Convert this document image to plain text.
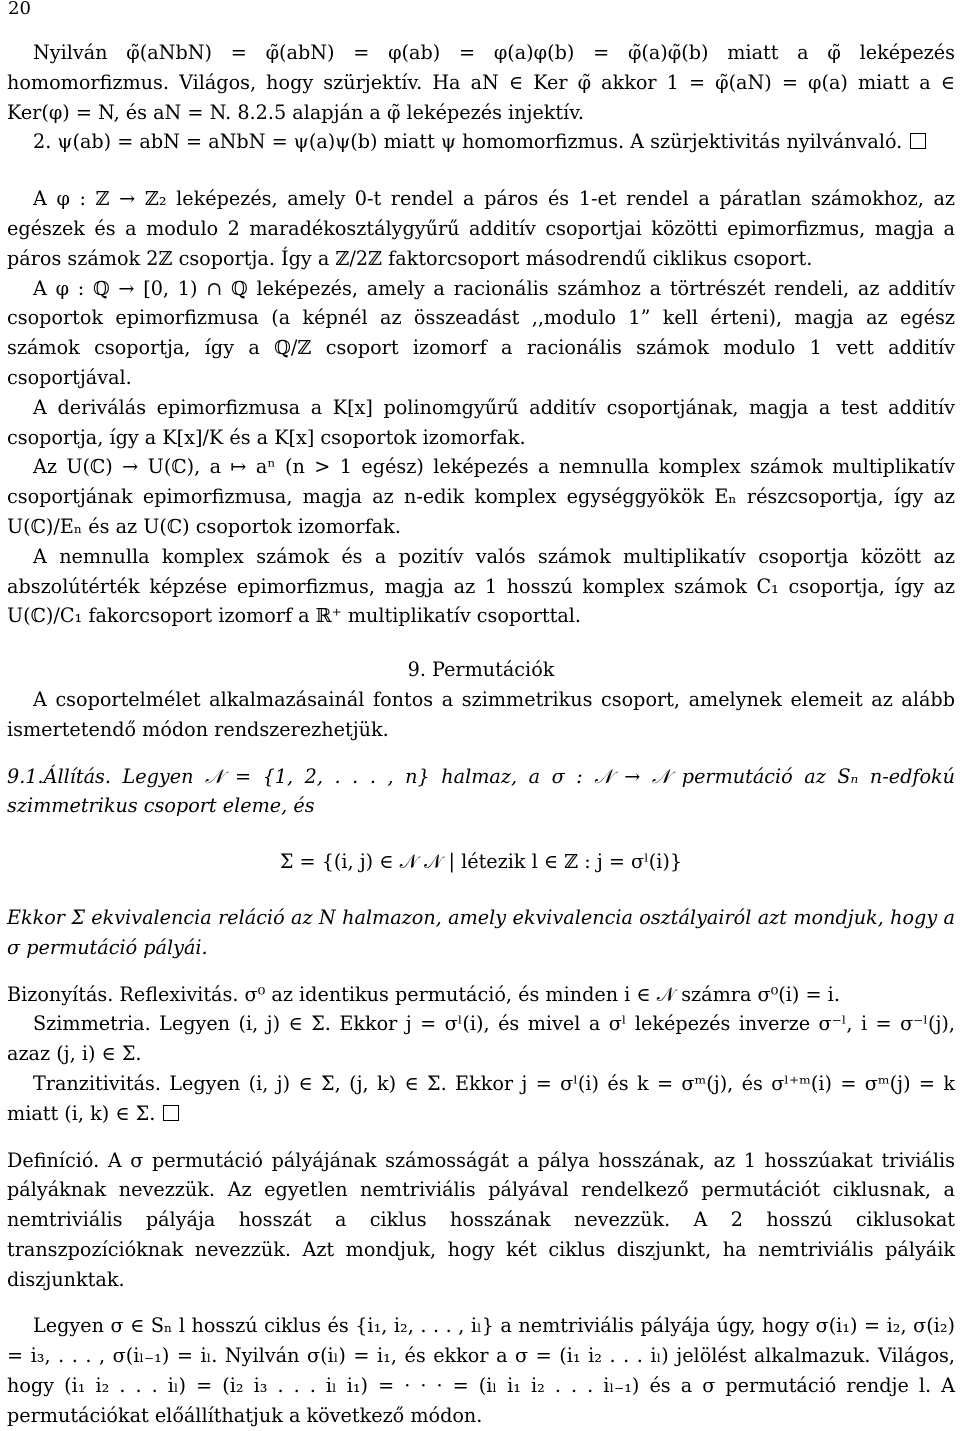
20

Nyilván φ̃(aNbN) = φ̃(abN) = φ(ab) = φ(a)φ(b) = φ̃(a)φ̃(b) miatt a φ̃ leképezés homomorfizmus. Világos, hogy szürjektív. Ha aN ∈ Ker φ̃ akkor 1 = φ̃(aN) = φ(a) miatt a ∈ Ker(φ) = N, és aN = N. 8.2.5 alapján a φ̃ leképezés injektív.

2. ψ(ab) = abN = aNbN = ψ(a)ψ(b) miatt ψ homomorfizmus. A szürjektivitás nyilvánvaló.

A φ : ℤ → ℤ₂ leképezés, amely 0-t rendel a páros és 1-et rendel a páratlan számokhoz, az egészek és a modulo 2 maradékosztálygyűrű additív csoportjai közötti epimorfizmus, magja a páros számok 2ℤ csoportja. Így a ℤ/2ℤ faktorcsoport másodrendű ciklikus csoport.

A φ : ℚ → [0, 1) ∩ ℚ leképezés, amely a racionális számhoz a törtrészét rendeli, az additív csoportok epimorfizmusa (a képnél az összeadást ,,modulo 1” kell érteni), magja az egész számok csoportja, így a ℚ/ℤ csoport izomorf a racionális számok modulo 1 vett additív csoportjával.

A deriválás epimorfizmusa a K[x] polinomgyűrű additív csoportjának, magja a test additív csoportja, így a K[x]/K és a K[x] csoportok izomorfak.

Az U(ℂ) → U(ℂ), a ↦ aⁿ (n > 1 egész) leképezés a nemnulla komplex számok multiplikatív csoportjának epimorfizmusa, magja az n-edik komplex egységgyökök Eₙ részcsoportja, így az U(ℂ)/Eₙ és az U(ℂ) csoportok izomorfak.

A nemnulla komplex számok és a pozitív valós számok multiplikatív csoportja között az abszolútérték képzése epimorfizmus, magja az 1 hosszú komplex számok C₁ csoportja, így az U(ℂ)/C₁ fakorcsoport izomorf a ℝ⁺ multiplikatív csoporttal.

9. Permutációk

A csoportelmélet alkalmazásainál fontos a szimmetrikus csoport, amelynek elemeit az alább ismertetendő módon rendszerezhetjük.

9.1.Állítás. Legyen 𝒩 = {1, 2, . . . , n} halmaz, a σ : 𝒩 → 𝒩 permutáció az Sₙ n-edfokú szimmetrikus csoport eleme, és

Σ = {(i, j) ∈ 𝒩 𝒩 | létezik l ∈ ℤ : j = σˡ(i)}

Ekkor Σ ekvivalencia reláció az N halmazon, amely ekvivalencia osztályairól azt mondjuk, hogy a σ permutáció pályái.

Bizonyítás. Reflexivitás. σ⁰ az identikus permutáció, és minden i ∈ 𝒩 számra σ⁰(i) = i.

Szimmetria. Legyen (i, j) ∈ Σ. Ekkor j = σˡ(i), és mivel a σˡ leképezés inverze σ⁻ˡ, i = σ⁻ˡ(j), azaz (j, i) ∈ Σ.

Tranzitivitás. Legyen (i, j) ∈ Σ, (j, k) ∈ Σ. Ekkor j = σˡ(i) és k = σᵐ(j), és σˡ⁺ᵐ(i) = σᵐ(j) = k miatt (i, k) ∈ Σ.

Definíció. A σ permutáció pályájának számosságát a pálya hosszának, az 1 hosszúakat triviális pályáknak nevezzük. Az egyetlen nemtriviális pályával rendelkező permutációt ciklusnak, a nemtriviális pályája hosszát a ciklus hosszának nevezzük. A 2 hosszú ciklusokat transzpozícióknak nevezzük. Azt mondjuk, hogy két ciklus diszjunkt, ha nemtriviális pályáik diszjunktak.

Legyen σ ∈ Sₙ l hosszú ciklus és {i₁, i₂, . . . , iₗ} a nemtriviális pályája úgy, hogy σ(i₁) = i₂, σ(i₂) = i₃, . . . , σ(iₗ₋₁) = iₗ. Nyilván σ(iₗ) = i₁, és ekkor a σ = (i₁ i₂ . . . iₗ) jelölést alkalmazuk. Világos, hogy (i₁ i₂ . . . iₗ) = (i₂ i₃ . . . iₗ i₁) = · · · = (iₗ i₁ i₂ . . . iₗ₋₁) és a σ permutáció rendje l. A permutációkat előállíthatjuk a következő módon.
